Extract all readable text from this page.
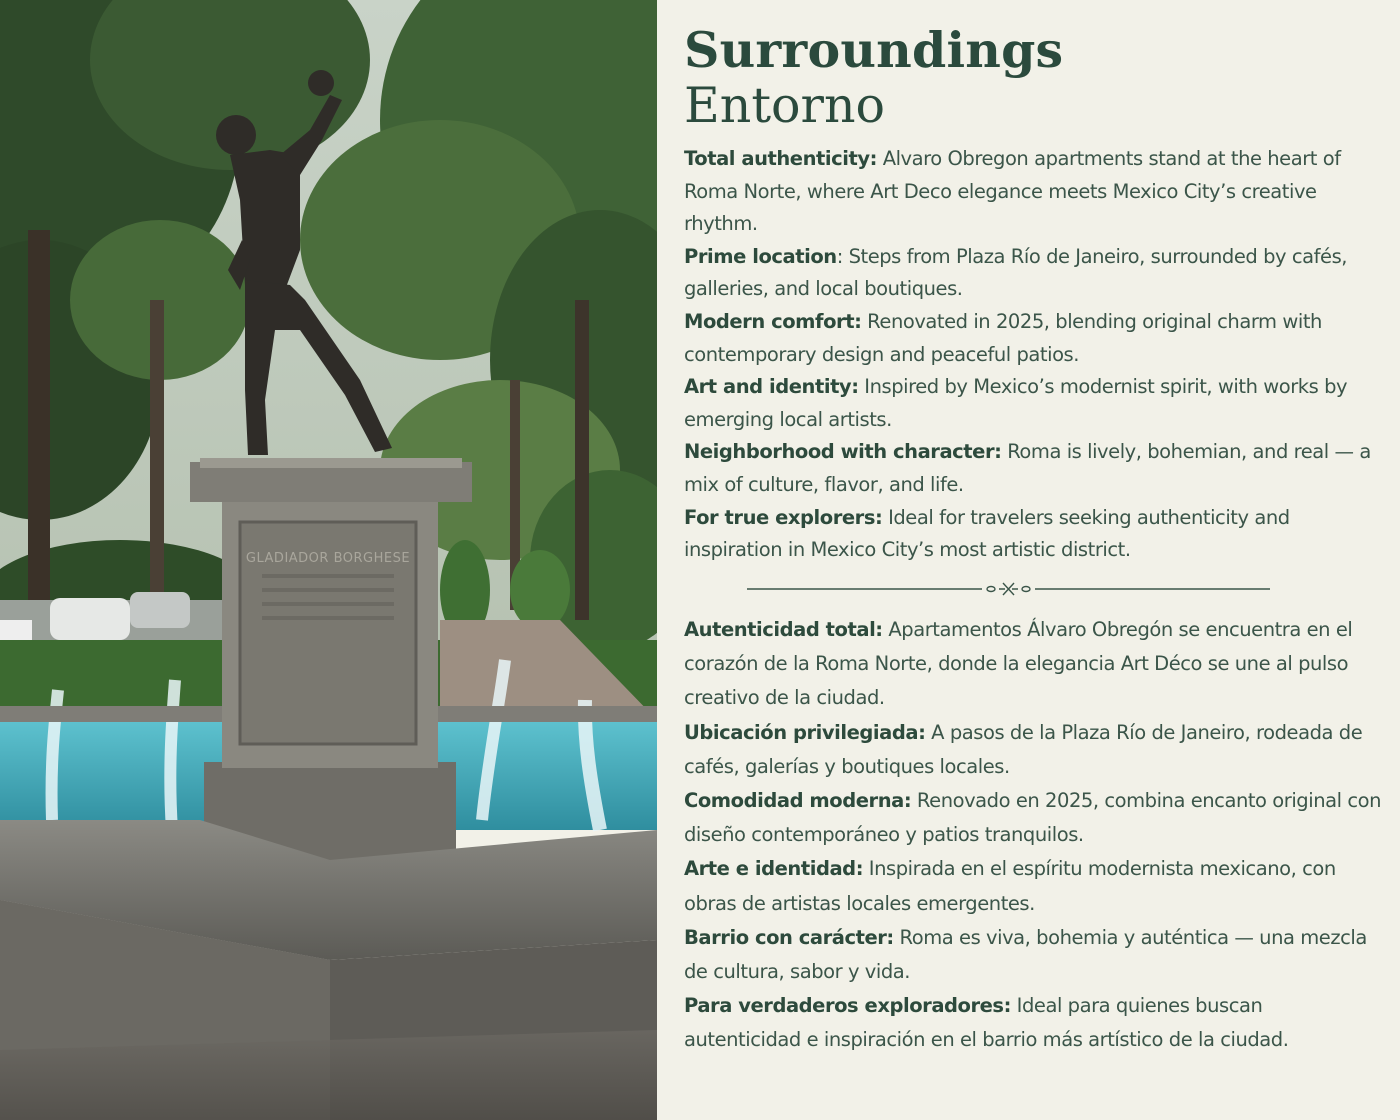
GLADIADOR BORGHESE
Surroundings
Entorno

Total authenticity: Alvaro Obregon apartments stand at the heart of Roma Norte, where Art Deco elegance meets Mexico City’s creative rhythm.

Prime location: Steps from Plaza Río de Janeiro, surrounded by cafés, galleries, and local boutiques.

Modern comfort: Renovated in 2025, blending original charm with contemporary design and peaceful patios.

Art and identity: Inspired by Mexico’s modernist spirit, with works by emerging local artists.

Neighborhood with character: Roma is lively, bohemian, and real — a mix of culture, flavor, and life.

For true explorers: Ideal for travelers seeking authenticity and inspiration in Mexico City’s most artistic district.

Autenticidad total: Apartamentos Álvaro Obregón se encuentra en el corazón de la Roma Norte, donde la elegancia Art Déco se une al pulso creativo de la ciudad.

Ubicación privilegiada: A pasos de la Plaza Río de Janeiro, rodeada de cafés, galerías y boutiques locales.

Comodidad moderna: Renovado en 2025, combina encanto original con diseño contemporáneo y patios tranquilos.

Arte e identidad: Inspirada en el espíritu modernista mexicano, con obras de artistas locales emergentes.

Barrio con carácter: Roma es viva, bohemia y auténtica — una mezcla de cultura, sabor y vida.

Para verdaderos exploradores: Ideal para quienes buscan autenticidad e inspiración en el barrio más artístico de la ciudad.
